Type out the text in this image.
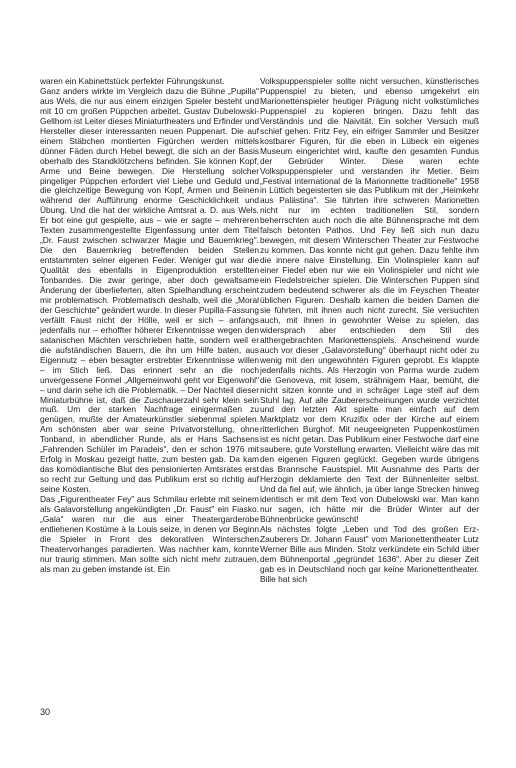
waren ein Kabinettstück perfekter Führungskunst.

Ganz anders wirkte im Vergleich dazu die Bühne „Pupilla" aus Wels, die nur aus einem einzigen Spieler besteht und mit 10 cm großen Püppchen arbeitet. Gustav Dubelowski-Gellhorn ist Leiter dieses Miniaturtheaters und Erfinder und Hersteller dieser interessanten neuen Puppenart. Die auf einem Stäbchen montierten Figürchen werden mittels dünner Fäden durch Hebel bewegt, die sich an der Basis oberhalb des Standklötzchens befinden. Sie können Kopf, Arme und Beine bewegen. Die Herstellung solcher pingeliger Püppchen erfordert viel Liebe und Geduld und die gleichzeitige Bewegung von Kopf, Armen und Beinen während der Aufführung enorme Geschicklichkeit und Übung. Und die hat der wirkliche Amtsrat a. D. aus Wels. Er bot eine gut gespielte, aus – wie er sagte – mehreren Texten zusammengestellte Eigenfassung unter dem Titel „Dr. Faust zwischen schwarzer Magie und Bauernkrieg". Die den Bauernkrieg betreffenden beiden Stellen entstammten seiner eigenen Feder. Weniger gut war die Qualität des ebenfalls in Eigenproduktion erstellten Tonbandes. Die zwar geringe, aber doch gewaltsame Änderung der überlieferten, alten Spielhandlung erscheint mir problematisch. Problematisch deshalb, weil die „Moral der Geschichte" geändert wurde. In dieser Pupilla-Fassung verfällt Faust nicht der Hölle, weil er sich – anfangs jedenfalls nur – erhoffter höherer Erkenntnisse wegen den satanischen Mächten verschrieben hatte, sondern weil er die aufständischen Bauern, die ihn um Hilfe baten, aus Eigennutz – eben besagter erstrebter Erkenntnisse willen – im Stich ließ. Das erinnert sehr an die noch unvergessene Formel „Allgemeinwohl geht vor Eigenwohl" – und darin sehe ich die Problematik. – Der Nachteil dieser Miniaturbühne ist, daß die Zuschauerzahl sehr klein sein muß. Um der starken Nachfrage einigermaßen zu genügen, mußte der Amateurkünstler siebenmal spielen. Am schönsten aber war seine Privatvorstellung, ohne Tonband, in abendlicher Runde, als er Hans Sachsens „Fahrenden Schüler im Paradeis", den er schon 1976 mit Erfolg in Moskau gezeigt hatte, zum besten gab. Da kam das komödiantische Blut des pensionierten Amtsrates erst so recht zur Geltung und das Publikum erst so richtig auf seine Kosten.

Das „Figurentheater Fey" aus Schmilau erlebte mit seinem als Galavorstellung angekündigten „Dr. Faust" ein Fiasko. „Gala" waren nur die aus einer Theatergarderobe entliehenen Kostüme à la Louis seize, in denen vor Beginn die Spieler in Front des dekorativen Winterschen Theatervorhanges paradierten. Was nachher kam, konnte nur traurig stimmen. Man sollte sich nicht mehr zutrauen, als man zu geben imstande ist. Ein

Volkspuppenspieler sollte nicht versuchen, künstlerisches Puppenspiel zu bieten, und ebenso umgekehrt ein Marionettenspieler heutiger Prägung nicht volkstümliches Puppenspiel zu kopieren bringen. Dazu fehlt das Verständnis und die Naivität. Ein solcher Versuch muß schief gehen. Fritz Fey, ein eifriger Sammler und Besitzer kostbarer Figuren, für die eben in Lübeck ein eigenes Museum eingerichtet wird, kaufte den gesamten Fundus der Gebrüder Winter. Diese waren echte Volkspuppenspieler und verstanden ihr Metier. Beim „Festival international de la Marionnette traditionelle" 1958 in Lüttich begeisterten sie das Publikum mit der „Heimkehr aus Palästina". Sie führten ihre schweren Marionetten nicht nur im echten traditionellen Stil, sondern beherrschten auch noch die alte Bühnensprache mit dem falsch betonten Pathos. Und Fey ließ sich nun dazu bewegen, mit diesem Winterschen Theater zur Festwoche zu kommen. Das konnte nicht gut gehen. Dazu fehlte ihm die innere naive Einstellung. Ein Violinspieler kann auf einer Fiedel eben nur wie ein Violinspieler und nicht wie ein Fiedelstreicher spielen. Die Winterschen Puppen sind zudem bedeutend schwerer als die im Feyschen Theater üblichen Figuren. Deshalb kamen die beiden Damen die sie führten, mit ihnen auch nicht zurecht. Sie versuchten auch, mit ihnen in gewohnter Weise zu spielen, das widersprach aber entschieden dem Stil des althergebrachten Marionettenspiels. Anscheinend wurde auch vor dieser „Galavorstellung" überhaupt nicht oder zu wenig mit den ungewohnten Figuren geprobt. Es klappte jedenfalls nichts. Als Herzogin von Parma wurde zudem die Genoveva, mit losem, strähnigem Haar, bemüht, die nicht sitzen konnte und in schräger Lage steif auf dem Stuhl lag. Auf alle Zaubererscheinungen wurde verzichtet und den letzten Akt spielte man einfach auf dem Marktplatz vor dem Kruzifix oder der Kirche auf einem ritterlichen Burghof. Mit neugeeigneten Puppenkostümen ist es nicht getan. Das Publikum einer Festwoche darf eine saubere, gute Vorstellung erwarten. Vielleicht wäre das mit den eigenen Figuren geglückt. Gegeben wurde übrigens das Brannsche Faustspiel. Mit Ausnahme des Parts der Herzogin deklamierte den Text der Bühnenleiter selbst. Und da fiel auf, wie ähnlich, ja über lange Strecken hinweg identisch er mit dem Text von Dubelowski war. Man kann nur sagen, ich hätte mir die Brüder Winter auf der Bühnenbrücke gewünscht!

Als nächstes folgte „Leben und Tod des großen Erz-Zauberers Dr. Johann Faust" vom Marionettentheater Lutz Werner Bille aus Minden. Stolz verkündete ein Schild über dem Bühnenportal „gegründet 1636". Aber zu dieser Zeit gab es in Deutschland noch gar keine Marionettentheater. Bille hat sich

30
